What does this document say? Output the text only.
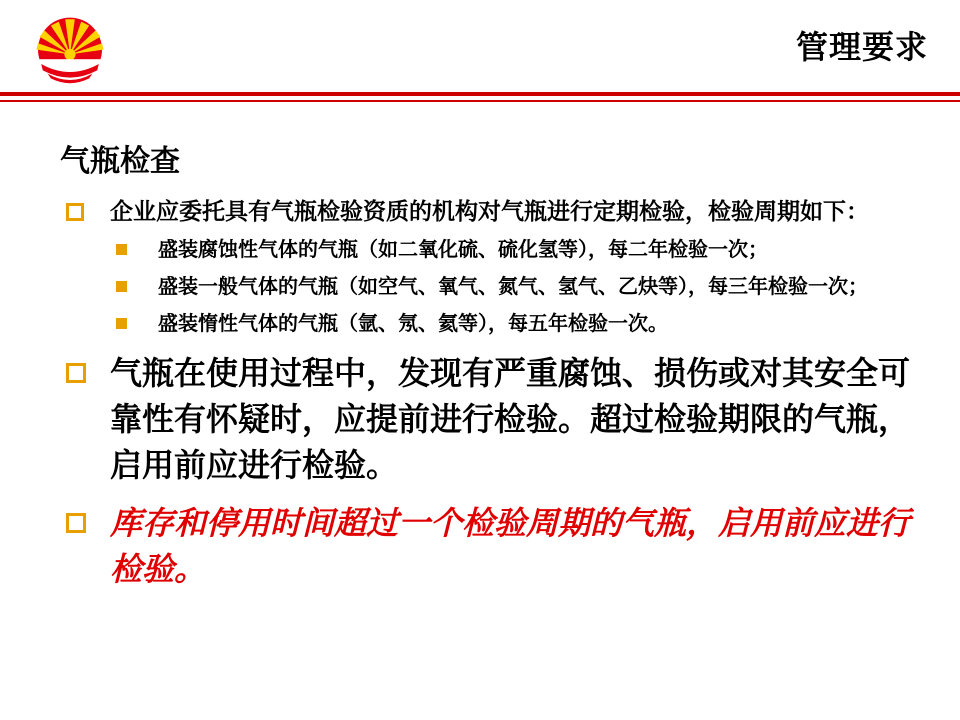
管理要求
气瓶检查
企业应委托具有气瓶检验资质的机构对气瓶进行定期检验，检验周期如下：
盛装腐蚀性气体的气瓶（如二氧化硫、硫化氢等），每二年检验一次；
盛装一般气体的气瓶（如空气、氧气、氮气、氢气、乙炔等），每三年检验一次；
盛装惰性气体的气瓶（氩、氖、氦等），每五年检验一次。
气瓶在使用过程中，发现有严重腐蚀、损伤或对其安全可靠性有怀疑时，应提前进行检验。超过检验期限的气瓶，启用前应进行检验。
库存和停用时间超过一个检验周期的气瓶，启用前应进行检验。
